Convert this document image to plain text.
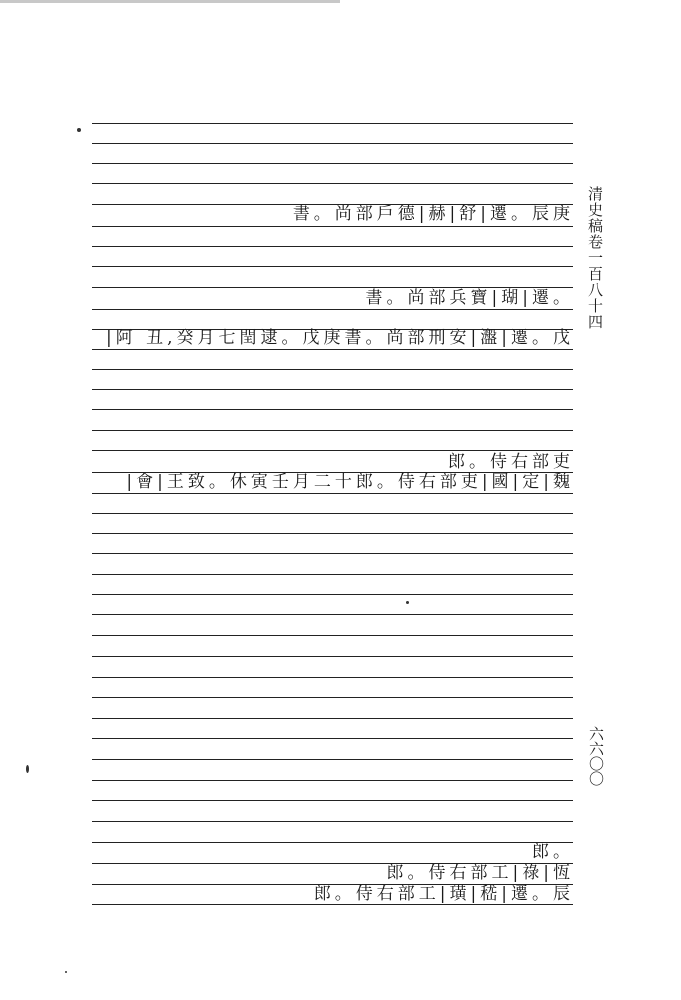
書。尚部戶德|赫|舒|遷。辰庚
書。尚部兵寶|瑚|遷。
|阿 丑,癸月七閏逮。戊庚書。尚部刑安|瀊|遷。戊
郎。侍右部吏
|會|王致。休寅壬月二十郎。侍右部吏|國|定|魏
郎。
郎。侍右部工|祿|恆
郎。侍右部工|璜|嵇|遷。辰
清史稿卷一百八十四
六六〇〇
